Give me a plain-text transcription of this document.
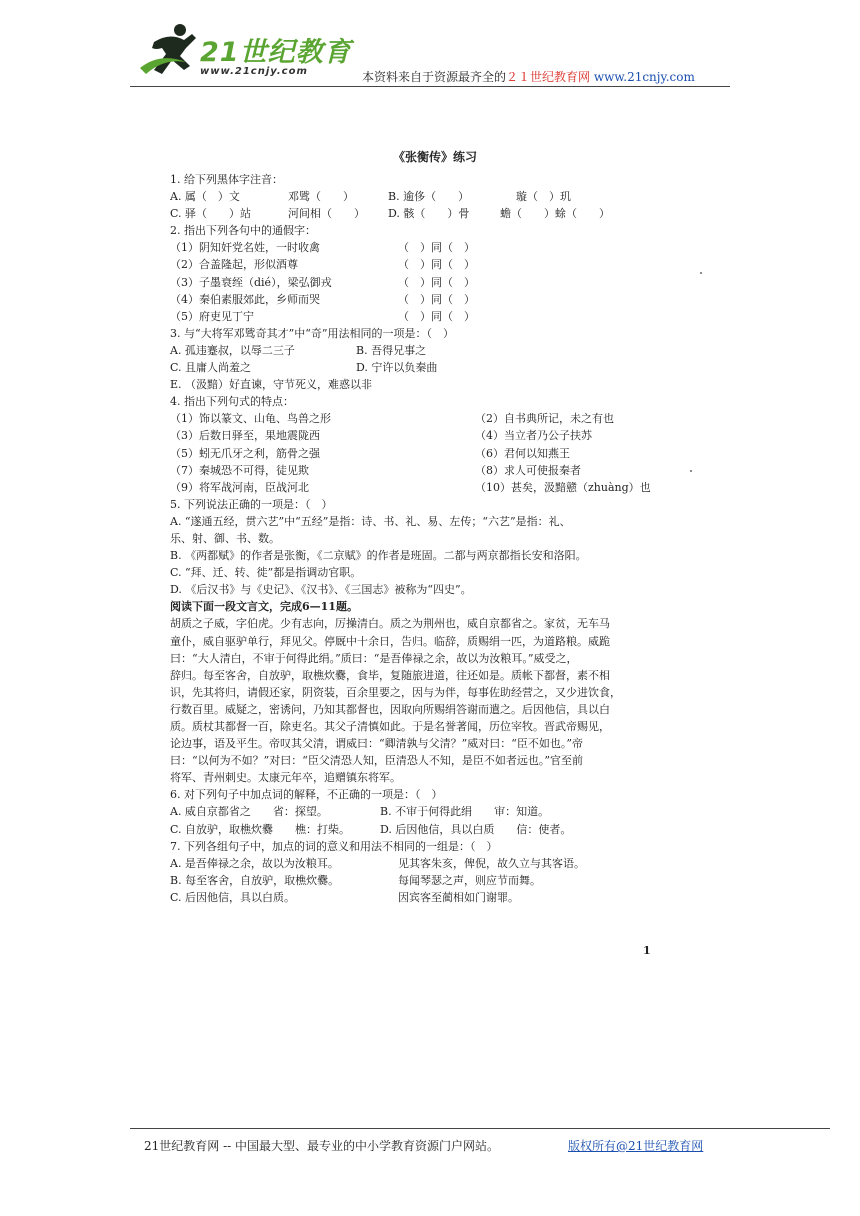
21世纪教育
www.21cnjy.com	本资料来自于资源最齐全的２１世纪教育网 www.21cnjy.com
《张衡传》练习
1. 给下列黑体字注音：
A. 属（　）文	邓骘（　　）	B. 逾侈（　　）	璇（　）玑
C. 驿（　　）站	河间相（　　） D. 骸（　　）骨	蟾（　　）蜍（　　）
2. 指出下列各句中的通假字：
（1）阴知奸党名姓，一时收禽	（　）同（　）
（2）合盖隆起，形似酒尊	（　）同（　）
（3）子墨衰绖（dié），梁弘御戎	（　）同（　）
（4）秦伯素服郊此，乡师而哭	（　）同（　）
（5）府吏见丁宁	（　）同（　）
3. 与“大将军邓骘奇其才”中“奇”用法相同的一项是：（　）
A. 孤违蹇叔，以辱二三子	B. 吾得兄事之
C. 且庸人尚羞之	D. 宁许以负秦曲
E. （汲黯）好直谏，守节死义，难惑以非
4. 指出下列句式的特点：
（1）饰以篆文、山龟、鸟兽之形	（2）自书典所记，未之有也
（3）后数日驿至，果地震陇西	（4）当立者乃公子扶苏
（5）蚓无爪牙之利，筋骨之强	（6）君何以知燕王
（7）秦城恐不可得，徒见欺	（8）求人可使报秦者
（9）将军战河南，臣战河北	（10）甚矣，汲黯戆（zhuàng）也
5. 下列说法正确的一项是：（　）
A. “遂通五经，贯六艺”中“五经”是指：诗、书、礼、易、左传；“六艺”是指：礼、
乐、射、御、书、数。
B. 《两都赋》的作者是张衡，《二京赋》的作者是班固。二都与两京都指长安和洛阳。
C. “拜、迁、转、徙”都是指调动官职。
D. 《后汉书》与《史记》、《汉书》、《三国志》被称为“四史”。
阅读下面一段文言文，完成6—11题。
胡质之子威，字伯虎。少有志向，厉操清白。质之为荆州也，威自京都省之。家贫，无车马
童仆，威自驱驴单行，拜见父。停厩中十余日，告归。临辞，质赐绢一匹，为道路粮。威跪
曰：“大人清白，不审于何得此绢。”质曰：“是吾俸禄之余，故以为汝粮耳。”威受之，
辞归。每至客舍，自放驴，取樵炊爨，食毕，复随旅进道，往还如是。质帐下都督，素不相
识，先其将归，请假还家，阴资装，百余里要之，因与为伴，每事佐助经营之，又少进饮食，
行数百里。威疑之，密诱问，乃知其都督也，因取向所赐绢答谢而遣之。后因他信，具以白
质。质杖其都督一百，除吏名。其父子清慎如此。于是名誉著闻，历位宰牧。晋武帝赐见，
论边事，语及平生。帝叹其父清，谓威曰：“卿清孰与父清？”威对曰：“臣不如也。”帝
曰：“以何为不如？”对曰：“臣父清恐人知，臣清恐人不知，是臣不如者远也。”官至前
将军、青州刺史。太康元年卒，追赠镇东将军。
6. 对下列句子中加点词的解释，不正确的一项是：（　）
A. 威自京都省之　　省：探望。	B. 不审于何得此绢　　审：知道。
C. 自放驴，取樵炊爨　　樵：打柴。	D. 后因他信，具以白质　　信：使者。
7. 下列各组句子中，加点的词的意义和用法不相同的一组是：（　）
A. 是吾俸禄之余，故以为汝粮耳。	见其客朱亥，俾倪，故久立与其客语。
B. 每至客舍，自放驴，取樵炊爨。	每闻琴瑟之声，则应节而舞。
C. 后因他信，具以白质。	因宾客至蔺相如门谢罪。
1
21世纪教育网 -- 中国最大型、最专业的中小学教育资源门户网站。	版权所有@21世纪教育网
